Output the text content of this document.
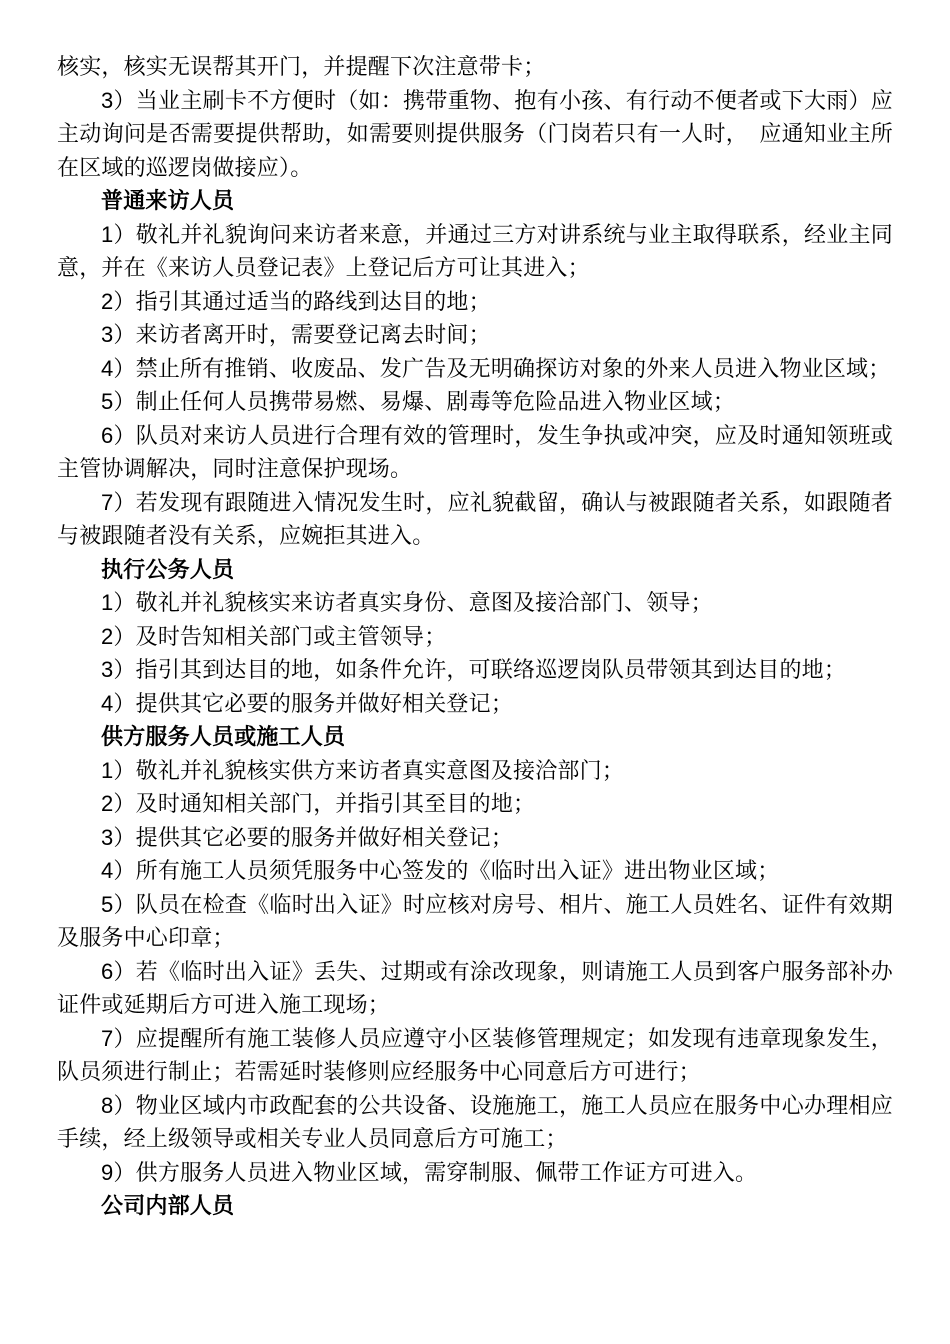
核实，核实无误帮其开门，并提醒下次注意带卡；

3）当业主刷卡不方便时（如：携带重物、抱有小孩、有行动不便者或下大雨）应主动询问是否需要提供帮助，如需要则提供服务（门岗若只有一人时，　应通知业主所在区域的巡逻岗做接应）。

普通来访人员

1）敬礼并礼貌询问来访者来意，并通过三方对讲系统与业主取得联系，经业主同意，并在《来访人员登记表》上登记后方可让其进入；

2）指引其通过适当的路线到达目的地；

3）来访者离开时，需要登记离去时间；

4）禁止所有推销、收废品、发广告及无明确探访对象的外来人员进入物业区域；

5）制止任何人员携带易燃、易爆、剧毒等危险品进入物业区域；

6）队员对来访人员进行合理有效的管理时，发生争执或冲突，应及时通知领班或主管协调解决，同时注意保护现场。

7）若发现有跟随进入情况发生时，应礼貌截留，确认与被跟随者关系，如跟随者与被跟随者没有关系，应婉拒其进入。

执行公务人员

1）敬礼并礼貌核实来访者真实身份、意图及接洽部门、领导；

2）及时告知相关部门或主管领导；

3）指引其到达目的地，如条件允许，可联络巡逻岗队员带领其到达目的地；

4）提供其它必要的服务并做好相关登记；

供方服务人员或施工人员

1）敬礼并礼貌核实供方来访者真实意图及接洽部门；

2）及时通知相关部门，并指引其至目的地；

3）提供其它必要的服务并做好相关登记；

4）所有施工人员须凭服务中心签发的《临时出入证》进出物业区域；

5）队员在检查《临时出入证》时应核对房号、相片、施工人员姓名、证件有效期及服务中心印章；

6）若《临时出入证》丢失、过期或有涂改现象，则请施工人员到客户服务部补办证件或延期后方可进入施工现场；

7）应提醒所有施工装修人员应遵守小区装修管理规定；如发现有违章现象发生，队员须进行制止；若需延时装修则应经服务中心同意后方可进行；

8）物业区域内市政配套的公共设备、设施施工，施工人员应在服务中心办理相应手续，经上级领导或相关专业人员同意后方可施工；

9）供方服务人员进入物业区域，需穿制服、佩带工作证方可进入。

公司内部人员
